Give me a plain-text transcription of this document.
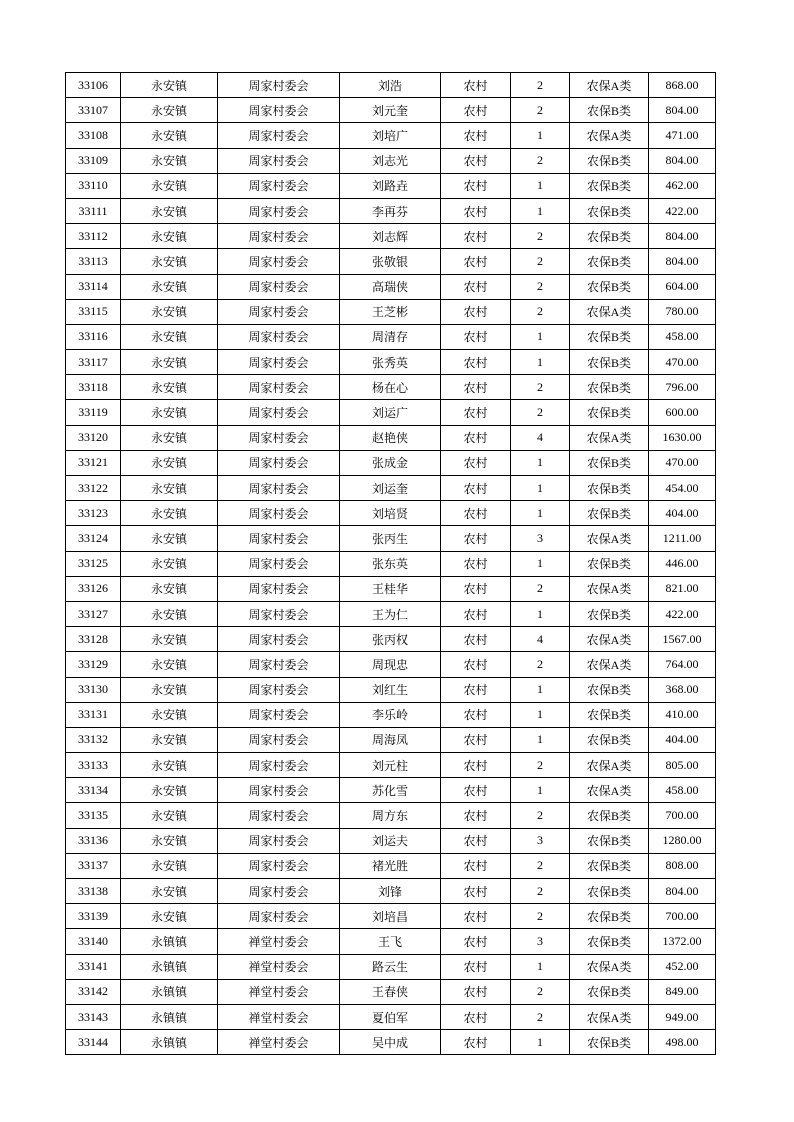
33106	永安镇	周家村委会	刘浩	农村	2	农保A类	868.00
33107	永安镇	周家村委会	刘元奎	农村	2	农保B类	804.00
33108	永安镇	周家村委会	刘培广	农村	1	农保A类	471.00
33109	永安镇	周家村委会	刘志光	农村	2	农保B类	804.00
33110	永安镇	周家村委会	刘路垚	农村	1	农保B类	462.00
33111	永安镇	周家村委会	李再芬	农村	1	农保B类	422.00
33112	永安镇	周家村委会	刘志辉	农村	2	农保B类	804.00
33113	永安镇	周家村委会	张敬银	农村	2	农保B类	804.00
33114	永安镇	周家村委会	高瑞侠	农村	2	农保B类	604.00
33115	永安镇	周家村委会	王芝彬	农村	2	农保A类	780.00
33116	永安镇	周家村委会	周清存	农村	1	农保B类	458.00
33117	永安镇	周家村委会	张秀英	农村	1	农保B类	470.00
33118	永安镇	周家村委会	杨在心	农村	2	农保B类	796.00
33119	永安镇	周家村委会	刘运广	农村	2	农保B类	600.00
33120	永安镇	周家村委会	赵艳侠	农村	4	农保A类	1630.00
33121	永安镇	周家村委会	张成金	农村	1	农保B类	470.00
33122	永安镇	周家村委会	刘运奎	农村	1	农保B类	454.00
33123	永安镇	周家村委会	刘培贤	农村	1	农保B类	404.00
33124	永安镇	周家村委会	张丙生	农村	3	农保A类	1211.00
33125	永安镇	周家村委会	张东英	农村	1	农保B类	446.00
33126	永安镇	周家村委会	王桂华	农村	2	农保A类	821.00
33127	永安镇	周家村委会	王为仁	农村	1	农保B类	422.00
33128	永安镇	周家村委会	张丙权	农村	4	农保A类	1567.00
33129	永安镇	周家村委会	周现忠	农村	2	农保A类	764.00
33130	永安镇	周家村委会	刘红生	农村	1	农保B类	368.00
33131	永安镇	周家村委会	李乐岭	农村	1	农保B类	410.00
33132	永安镇	周家村委会	周海凤	农村	1	农保B类	404.00
33133	永安镇	周家村委会	刘元柱	农村	2	农保A类	805.00
33134	永安镇	周家村委会	苏化雪	农村	1	农保A类	458.00
33135	永安镇	周家村委会	周方东	农村	2	农保B类	700.00
33136	永安镇	周家村委会	刘运夫	农村	3	农保B类	1280.00
33137	永安镇	周家村委会	褚光胜	农村	2	农保B类	808.00
33138	永安镇	周家村委会	刘锋	农村	2	农保B类	804.00
33139	永安镇	周家村委会	刘培昌	农村	2	农保B类	700.00
33140	永镇镇	禅堂村委会	王飞	农村	3	农保B类	1372.00
33141	永镇镇	禅堂村委会	路云生	农村	1	农保A类	452.00
33142	永镇镇	禅堂村委会	王春侠	农村	2	农保B类	849.00
33143	永镇镇	禅堂村委会	夏伯军	农村	2	农保A类	949.00
33144	永镇镇	禅堂村委会	吴中成	农村	1	农保B类	498.00
